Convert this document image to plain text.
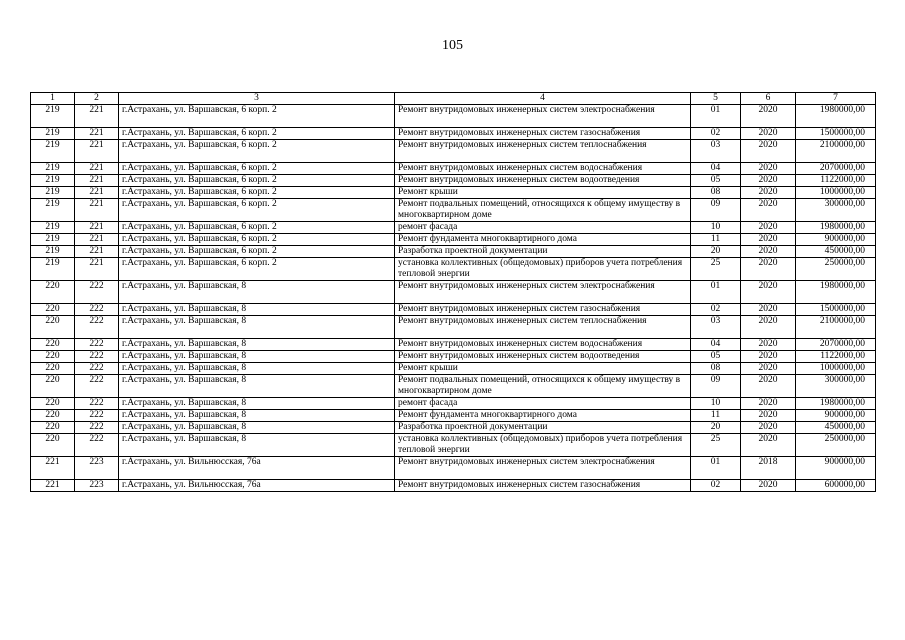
105
1	2	3	4	5	6	7
219	221	г.Астрахань, ул. Варшавская, 6 корп. 2	Ремонт внутридомовых инженерных систем электроснабжения	01	2020	1980000,00
219	221	г.Астрахань, ул. Варшавская, 6 корп. 2	Ремонт внутридомовых инженерных систем газоснабжения	02	2020	1500000,00
219	221	г.Астрахань, ул. Варшавская, 6 корп. 2	Ремонт внутридомовых инженерных систем теплоснабжения	03	2020	2100000,00
219	221	г.Астрахань, ул. Варшавская, 6 корп. 2	Ремонт внутридомовых инженерных систем водоснабжения	04	2020	2070000,00
219	221	г.Астрахань, ул. Варшавская, 6 корп. 2	Ремонт внутридомовых инженерных систем водоотведения	05	2020	1122000,00
219	221	г.Астрахань, ул. Варшавская, 6 корп. 2	Ремонт крыши	08	2020	1000000,00
219	221	г.Астрахань, ул. Варшавская, 6 корп. 2	Ремонт подвальных помещений, относящихся к общему имуществу в многоквартирном доме	09	2020	300000,00
219	221	г.Астрахань, ул. Варшавская, 6 корп. 2	ремонт фасада	10	2020	1980000,00
219	221	г.Астрахань, ул. Варшавская, 6 корп. 2	Ремонт фундамента многоквартирного дома	11	2020	900000,00
219	221	г.Астрахань, ул. Варшавская, 6 корп. 2	Разработка проектной документации	20	2020	450000,00
219	221	г.Астрахань, ул. Варшавская, 6 корп. 2	установка коллективных (общедомовых) приборов учета потребления тепловой энергии	25	2020	250000,00
220	222	г.Астрахань, ул. Варшавская, 8	Ремонт внутридомовых инженерных систем электроснабжения	01	2020	1980000,00
220	222	г.Астрахань, ул. Варшавская, 8	Ремонт внутридомовых инженерных систем газоснабжения	02	2020	1500000,00
220	222	г.Астрахань, ул. Варшавская, 8	Ремонт внутридомовых инженерных систем теплоснабжения	03	2020	2100000,00
220	222	г.Астрахань, ул. Варшавская, 8	Ремонт внутридомовых инженерных систем водоснабжения	04	2020	2070000,00
220	222	г.Астрахань, ул. Варшавская, 8	Ремонт внутридомовых инженерных систем водоотведения	05	2020	1122000,00
220	222	г.Астрахань, ул. Варшавская, 8	Ремонт крыши	08	2020	1000000,00
220	222	г.Астрахань, ул. Варшавская, 8	Ремонт подвальных помещений, относящихся к общему имуществу в многоквартирном доме	09	2020	300000,00
220	222	г.Астрахань, ул. Варшавская, 8	ремонт фасада	10	2020	1980000,00
220	222	г.Астрахань, ул. Варшавская, 8	Ремонт фундамента многоквартирного дома	11	2020	900000,00
220	222	г.Астрахань, ул. Варшавская, 8	Разработка проектной документации	20	2020	450000,00
220	222	г.Астрахань, ул. Варшавская, 8	установка коллективных (общедомовых) приборов учета потребления тепловой энергии	25	2020	250000,00
221	223	г.Астрахань, ул. Вильнюсская, 76а	Ремонт внутридомовых инженерных систем электроснабжения	01	2018	900000,00
221	223	г.Астрахань, ул. Вильнюсская, 76а	Ремонт внутридомовых инженерных систем газоснабжения	02	2020	600000,00
